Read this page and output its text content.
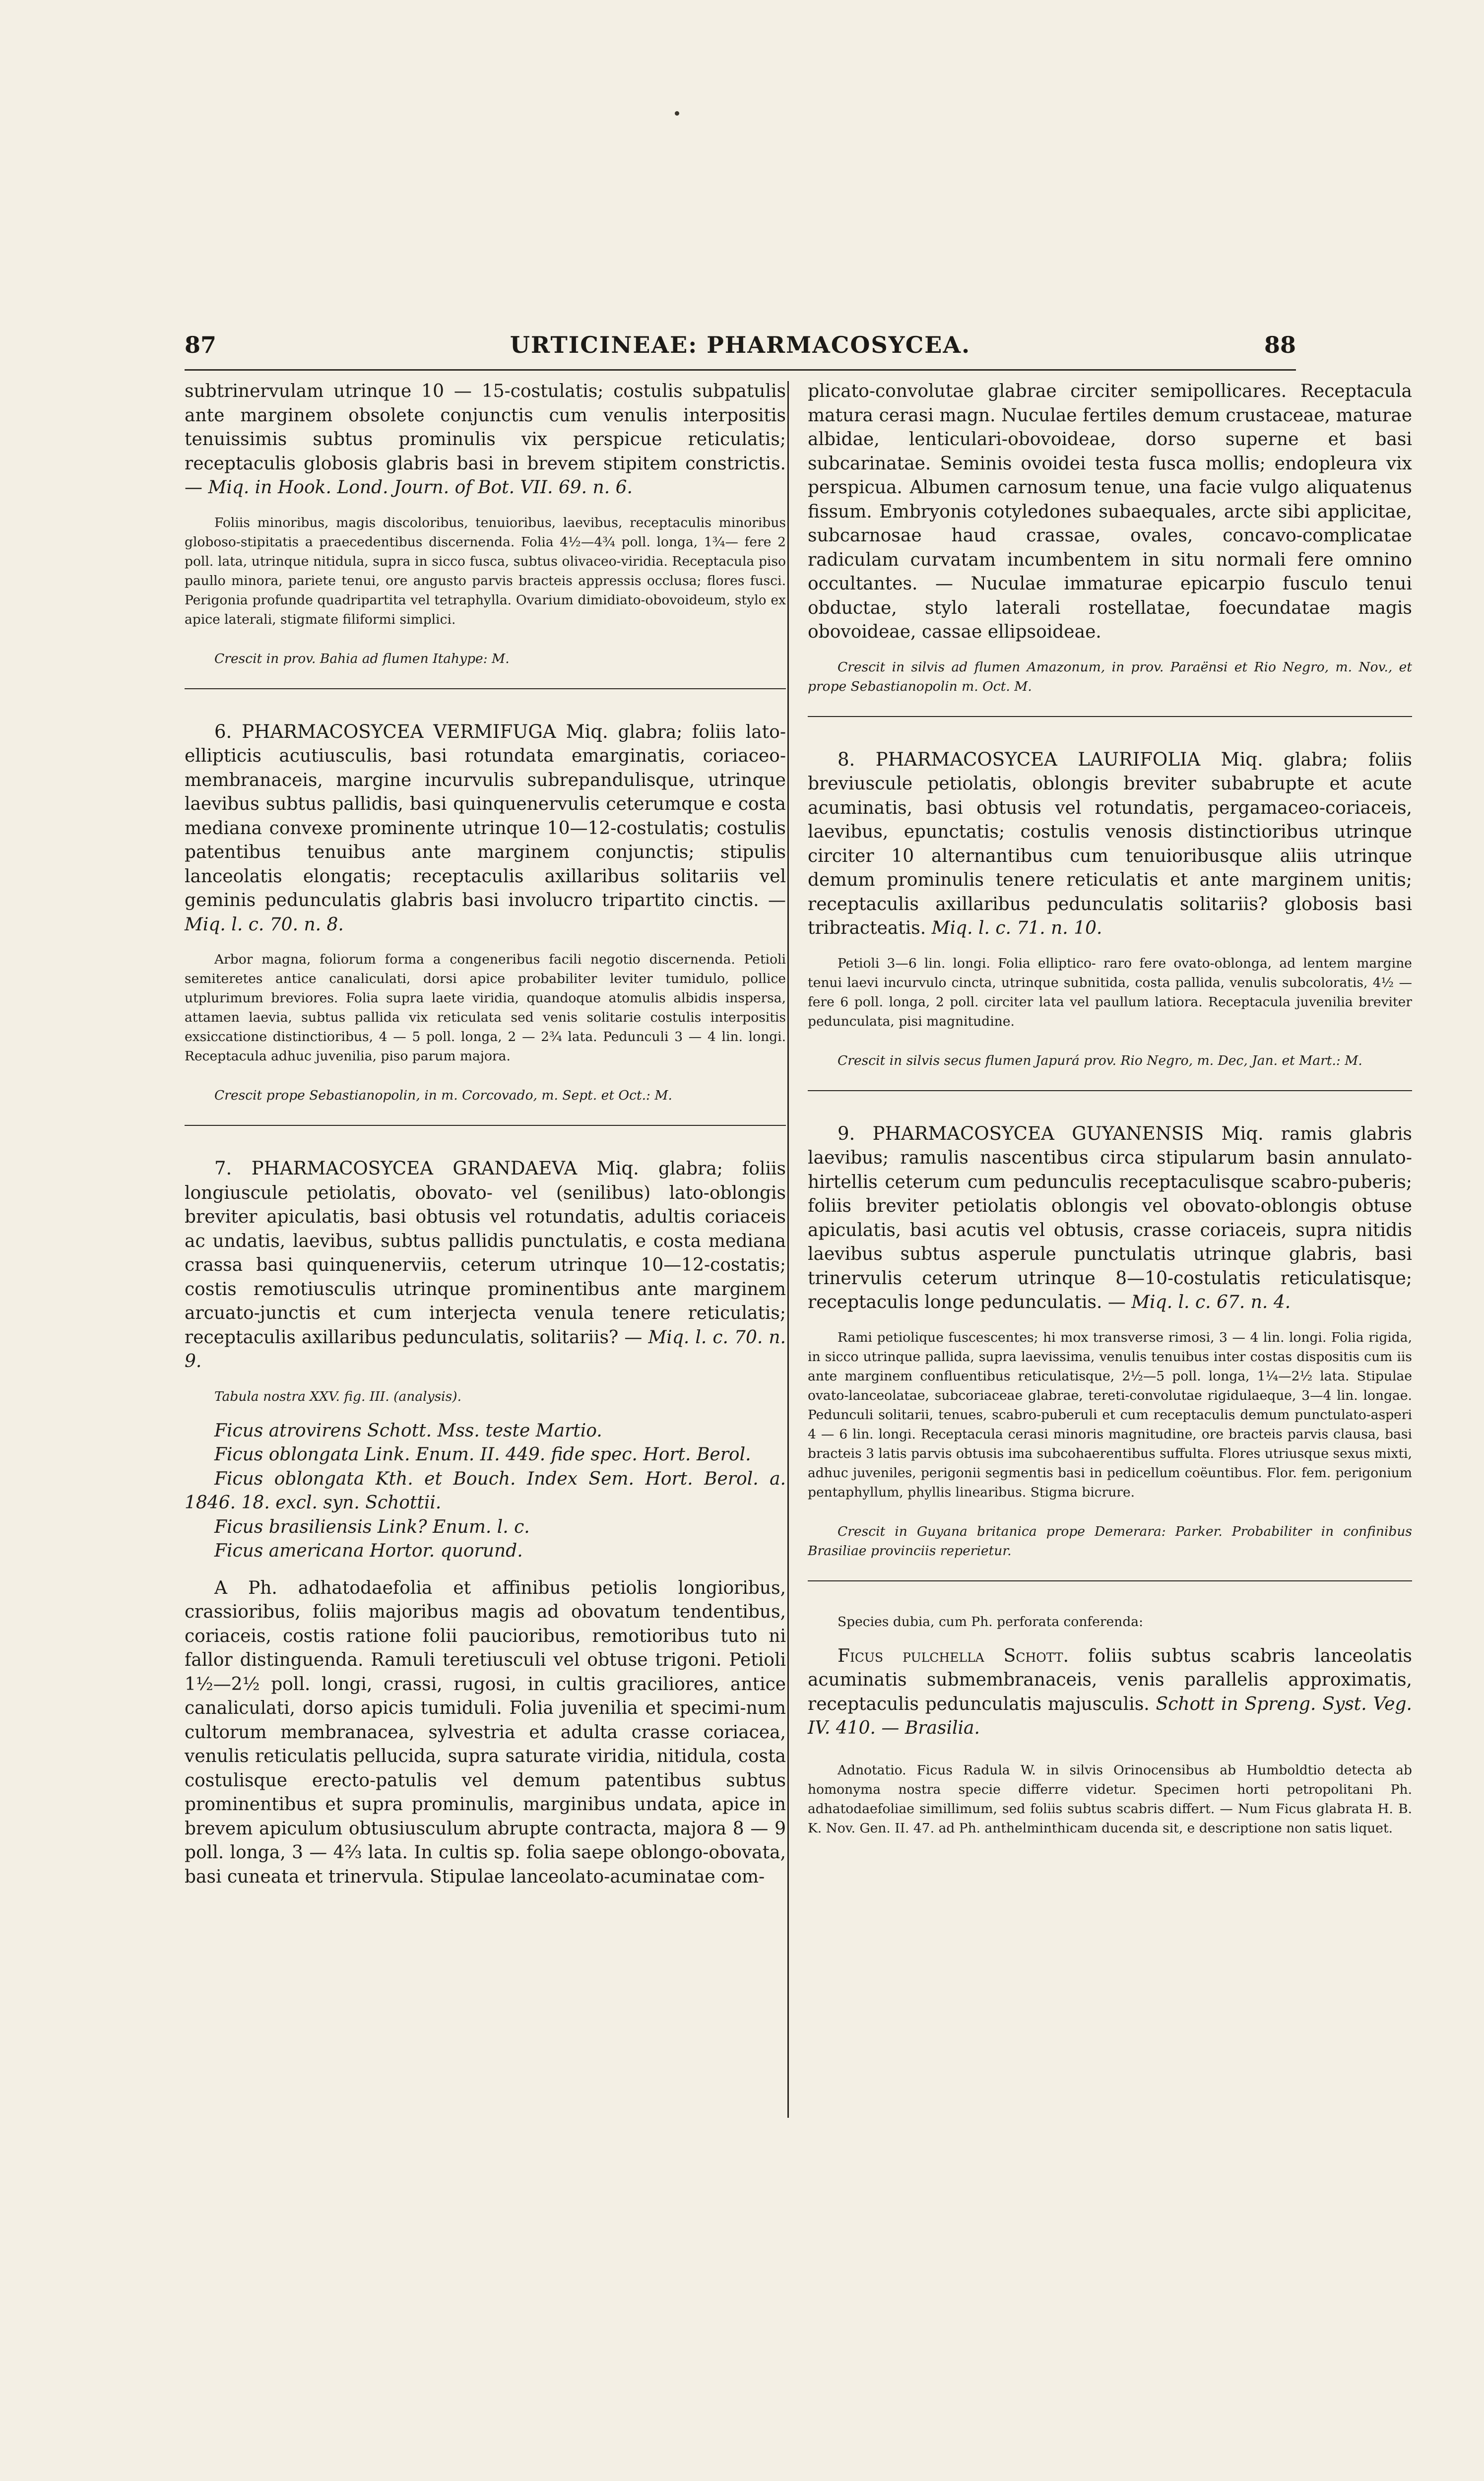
URTICINEAE: PHARMACOSYCEA.
87	88

subtrinervulam utrinque 10 — 15-costulatis; costulis subpatulis ante marginem obsolete conjunctis cum venulis interpositis tenuissimis subtus prominulis vix perspicue reticulatis; receptaculis globosis glabris basi in brevem stipitem constrictis. — Miq. in Hook. Lond. Journ. of Bot. VII. 69. n. 6.

Foliis minoribus, magis discoloribus, tenuioribus, laevibus, receptaculis minoribus globoso-stipitatis a praecedentibus discernenda. Folia 4½—4¾ poll. longa, 1¾— fere 2 poll. lata, utrinque nitidula, supra in sicco fusca, subtus olivaceo-viridia. Receptacula piso paullo minora, pariete tenui, ore angusto parvis bracteis appressis occlusa; flores fusci. Perigonia profunde quadripartita vel tetraphylla. Ovarium dimidiato-obovoideum, stylo ex apice laterali, stigmate filiformi simplici.

Crescit in prov. Bahia ad flumen Itahype: M.

6. PHARMACOSYCEA VERMIFUGA Miq. glabra; foliis lato-ellipticis acutiusculis, basi rotundata emarginatis, coriaceo-membranaceis, margine incurvulis subrepandulisque, utrinque laevibus subtus pallidis, basi quinquenervulis ceterumque e costa mediana convexe prominente utrinque 10—12-costulatis; costulis patentibus tenuibus ante marginem conjunctis; stipulis lanceolatis elongatis; receptaculis axillaribus solitariis vel geminis pedunculatis glabris basi involucro tripartito cinctis. — Miq. l. c. 70. n. 8.

Arbor magna, foliorum forma a congeneribus facili negotio discernenda. Petioli semiteretes antice canaliculati, dorsi apice probabiliter leviter tumidulo, pollice utplurimum breviores. Folia supra laete viridia, quandoque atomulis albidis inspersa, attamen laevia, subtus pallida vix reticulata sed venis solitarie costulis interpositis exsiccatione distinctioribus, 4 — 5 poll. longa, 2 — 2¾ lata. Pedunculi 3 — 4 lin. longi. Receptacula adhuc juvenilia, piso parum majora.

Crescit prope Sebastianopolin, in m. Corcovado, m. Sept. et Oct.: M.

7. PHARMACOSYCEA GRANDAEVA Miq. glabra; foliis longiuscule petiolatis, obovato- vel (senilibus) lato-oblongis breviter apiculatis, basi obtusis vel rotundatis, adultis coriaceis ac undatis, laevibus, subtus pallidis punctulatis, e costa mediana crassa basi quinquenerviis, ceterum utrinque 10—12-costatis; costis remotiusculis utrinque prominentibus ante marginem arcuato-junctis et cum interjecta venula tenere reticulatis; receptaculis axillaribus pedunculatis, solitariis? — Miq. l. c. 70. n. 9.

Tabula nostra XXV. fig. III. (analysis).

Ficus atrovirens Schott. Mss. teste Martio.

Ficus oblongata Link. Enum. II. 449. fide spec. Hort. Berol.

Ficus oblongata Kth. et Bouch. Index Sem. Hort. Berol. a. 1846. 18. excl. syn. Schottii.

Ficus brasiliensis Link? Enum. l. c.

Ficus americana Hortor. quorund.

A Ph. adhatodaefolia et affinibus petiolis longioribus, crassioribus, foliis majoribus magis ad obovatum tendentibus, coriaceis, costis ratione folii paucioribus, remotioribus tuto ni fallor distinguenda. Ramuli teretiusculi vel obtuse trigoni. Petioli 1½—2½ poll. longi, crassi, rugosi, in cultis graciliores, antice canaliculati, dorso apicis tumiduli. Folia juvenilia et specimi-num cultorum membranacea, sylvestria et adulta crasse coriacea, venulis reticulatis pellucida, supra saturate viridia, nitidula, costa costulisque erecto-patulis vel demum patentibus subtus prominentibus et supra prominulis, marginibus undata, apice in brevem apiculum obtusiusculum abrupte contracta, majora 8 — 9 poll. longa, 3 — 4⅔ lata. In cultis sp. folia saepe oblongo-obovata, basi cuneata et trinervula. Stipulae lanceolato-acuminatae com-

plicato-convolutae glabrae circiter semipollicares. Receptacula matura cerasi magn. Nuculae fertiles demum crustaceae, maturae albidae, lenticulari-obovoideae, dorso superne et basi subcarinatae. Seminis ovoidei testa fusca mollis; endopleura vix perspicua. Albumen carnosum tenue, una facie vulgo aliquatenus fissum. Embryonis cotyledones subaequales, arcte sibi applicitae, subcarnosae haud crassae, ovales, concavo-complicatae radiculam curvatam incumbentem in situ normali fere omnino occultantes. — Nuculae immaturae epicarpio fusculo tenui obductae, stylo laterali rostellatae, foecundatae magis obovoideae, cassae ellipsoideae.

Crescit in silvis ad flumen Amazonum, in prov. Paraënsi et Rio Negro, m. Nov., et prope Sebastianopolin m. Oct. M.

8. PHARMACOSYCEA LAURIFOLIA Miq. glabra; foliis breviuscule petiolatis, oblongis breviter subabrupte et acute acuminatis, basi obtusis vel rotundatis, pergamaceo-coriaceis, laevibus, epunctatis; costulis venosis distinctioribus utrinque circiter 10 alternantibus cum tenuioribusque aliis utrinque demum prominulis tenere reticulatis et ante marginem unitis; receptaculis axillaribus pedunculatis solitariis? globosis basi tribracteatis. Miq. l. c. 71. n. 10.

Petioli 3—6 lin. longi. Folia elliptico- raro fere ovato-oblonga, ad lentem margine tenui laevi incurvulo cincta, utrinque subnitida, costa pallida, venulis subcoloratis, 4½ — fere 6 poll. longa, 2 poll. circiter lata vel paullum latiora. Receptacula juvenilia breviter pedunculata, pisi magnitudine.

Crescit in silvis secus flumen Japurá prov. Rio Negro, m. Dec, Jan. et Mart.: M.

9. PHARMACOSYCEA GUYANENSIS Miq. ramis glabris laevibus; ramulis nascentibus circa stipularum basin annulato-hirtellis ceterum cum pedunculis receptaculisque scabro-puberis; foliis breviter petiolatis oblongis vel obovato-oblongis obtuse apiculatis, basi acutis vel obtusis, crasse coriaceis, supra nitidis laevibus subtus asperule punctulatis utrinque glabris, basi trinervulis ceterum utrinque 8—10-costulatis reticulatisque; receptaculis longe pedunculatis. — Miq. l. c. 67. n. 4.

Rami petiolique fuscescentes; hi mox transverse rimosi, 3 — 4 lin. longi. Folia rigida, in sicco utrinque pallida, supra laevissima, venulis tenuibus inter costas dispositis cum iis ante marginem confluentibus reticulatisque, 2½—5 poll. longa, 1¼—2½ lata. Stipulae ovato-lanceolatae, subcoriaceae glabrae, tereti-convolutae rigidulaeque, 3—4 lin. longae. Pedunculi solitarii, tenues, scabro-puberuli et cum receptaculis demum punctulato-asperi 4 — 6 lin. longi. Receptacula cerasi minoris magnitudine, ore bracteis parvis clausa, basi bracteis 3 latis parvis obtusis ima subcohaerentibus suffulta. Flores utriusque sexus mixti, adhuc juveniles, perigonii segmentis basi in pedicellum coëuntibus. Flor. fem. perigonium pentaphyllum, phyllis linearibus. Stigma bicrure.

Crescit in Guyana britanica prope Demerara: Parker. Probabiliter in confinibus Brasiliae provinciis reperietur.

Species dubia, cum Ph. perforata conferenda:

Ficus pulchella Schott. foliis subtus scabris lanceolatis acuminatis submembranaceis, venis parallelis approximatis, receptaculis pedunculatis majusculis. Schott in Spreng. Syst. Veg. IV. 410. — Brasilia.

Adnotatio. Ficus Radula W. in silvis Orinocensibus ab Humboldtio detecta ab homonyma nostra specie differre videtur. Specimen horti petropolitani Ph. adhatodaefoliae simillimum, sed foliis subtus scabris differt. — Num Ficus glabrata H. B. K. Nov. Gen. II. 47. ad Ph. anthelminthicam ducenda sit, e descriptione non satis liquet.
